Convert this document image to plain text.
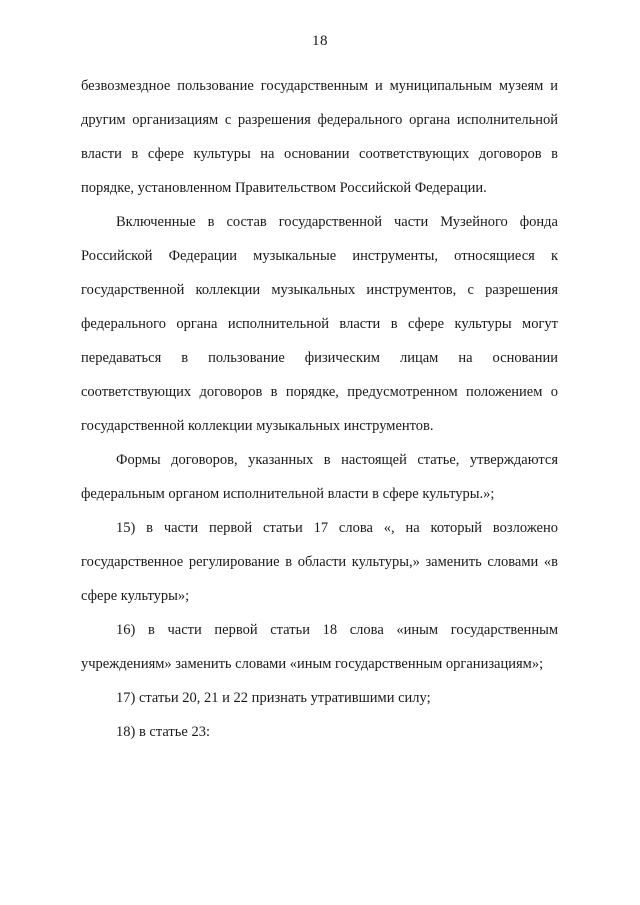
18

безвозмездное пользование государственным и муниципальным музеям и другим организациям с разрешения федерального органа исполнительной власти в сфере культуры на основании соответствующих договоров в порядке, установленном Правительством Российской Федерации.

Включенные в состав государственной части Музейного фонда Российской Федерации музыкальные инструменты, относящиеся к государственной коллекции музыкальных инструментов, с разрешения федерального органа исполнительной власти в сфере культуры могут передаваться в пользование физическим лицам на основании соответствующих договоров в порядке, предусмотренном положением о государственной коллекции музыкальных инструментов.

Формы договоров, указанных в настоящей статье, утверждаются федеральным органом исполнительной власти в сфере культуры.»;

15) в части первой статьи 17 слова «, на который возложено государственное регулирование в области культуры,» заменить словами «в сфере культуры»;

16) в части первой статьи 18 слова «иным государственным учреждениям» заменить словами «иным государственным организациям»;

17) статьи 20, 21 и 22 признать утратившими силу;

18) в статье 23:
